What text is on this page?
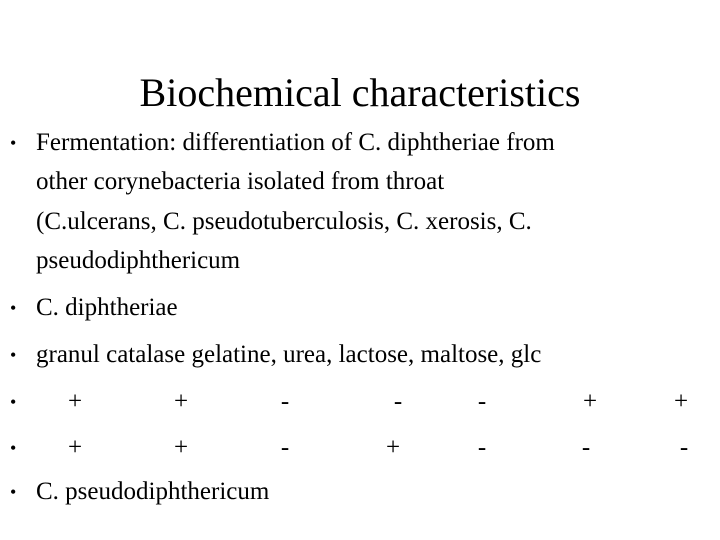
Biochemical characteristics
• Fermentation: differentiation of C. diphtheriae from
other corynebacteria isolated from throat
(C.ulcerans, C. pseudotuberculosis, C. xerosis, C.
pseudodiphthericum
• C. diphtheriae
• granul catalase gelatine, urea, lactose, maltose, glc
•	+	+	-	-	-	+	+
•	+	+	-	+	-	-	-
• C. pseudodiphthericum
